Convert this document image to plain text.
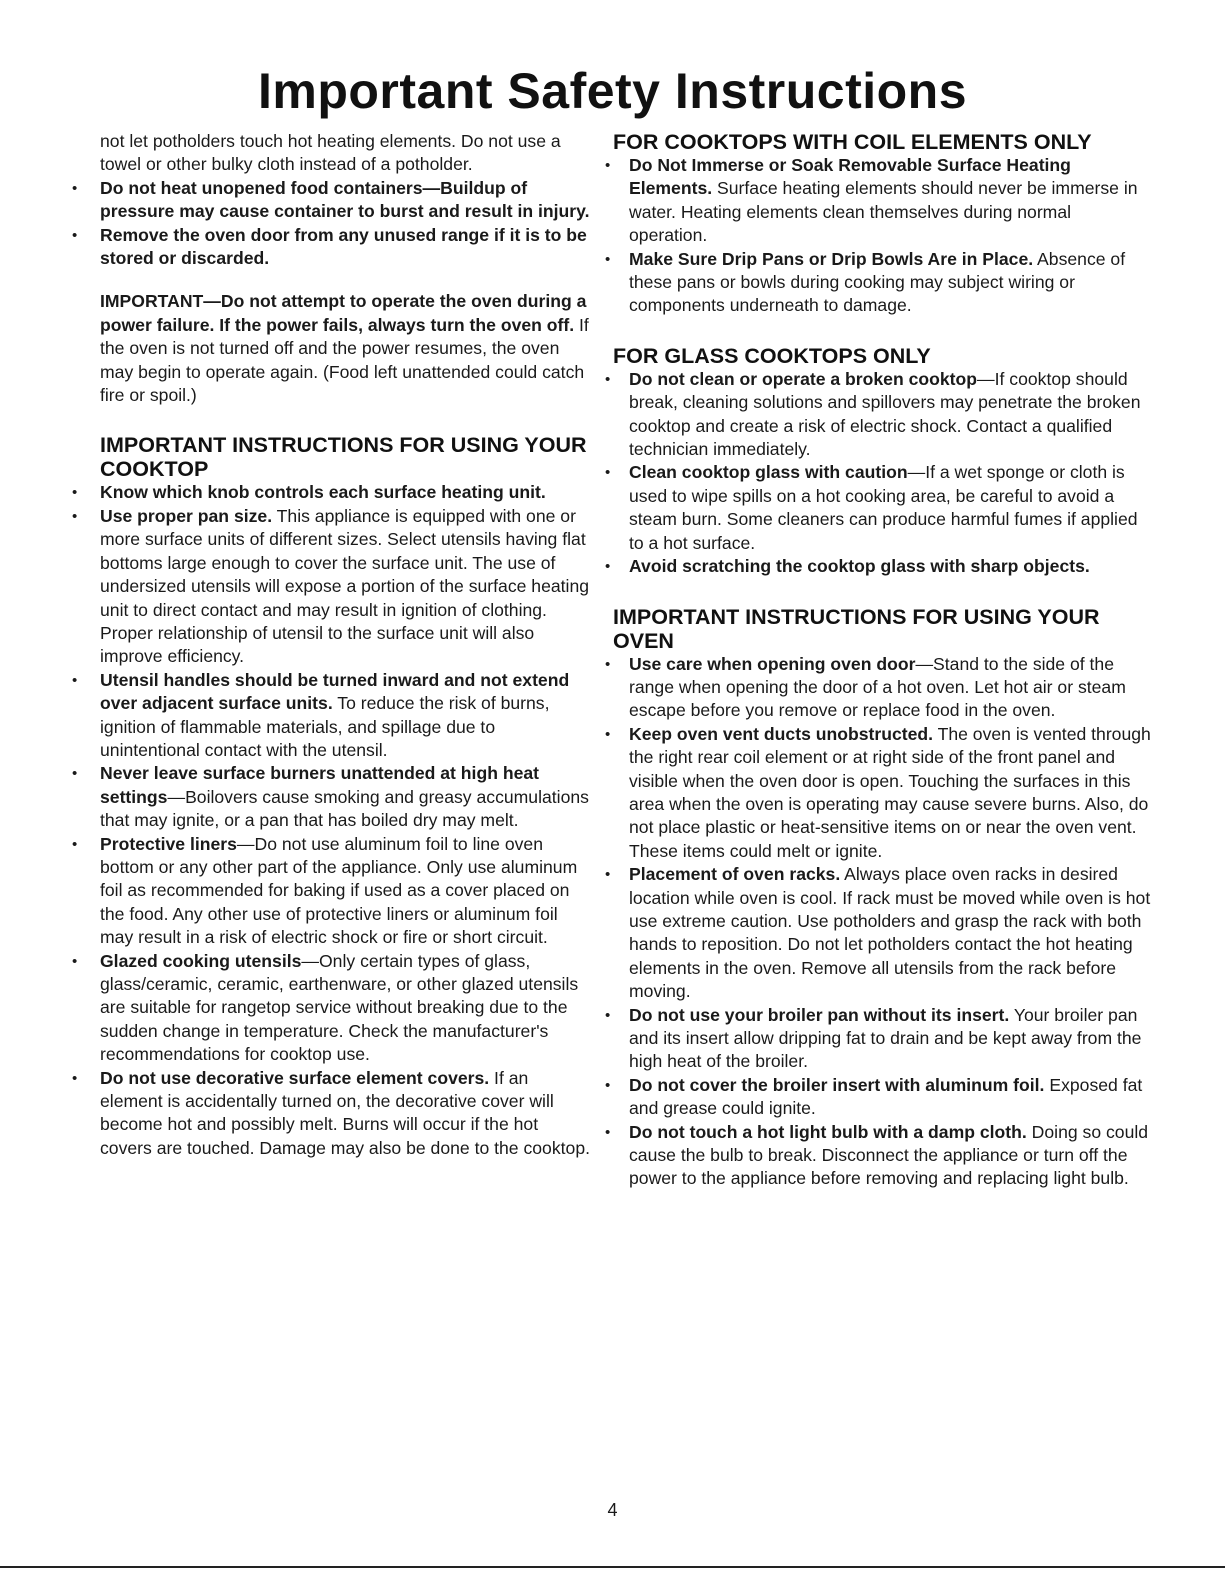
Important Safety Instructions

not let potholders touch hot heating elements. Do not use a towel or other bulky cloth instead of a potholder.

• Do not heat unopened food containers—Buildup of pressure may cause container to burst and result in injury.
• Remove the oven door from any unused range if it is to be stored or discarded.

IMPORTANT—Do not attempt to operate the oven during a power failure. If the power fails, always turn the oven off. If the oven is not turned off and the power resumes, the oven may begin to operate again. (Food left unattended could catch fire or spoil.)

IMPORTANT INSTRUCTIONS FOR USING YOUR COOKTOP
• Know which knob controls each surface heating unit.
• Use proper pan size. This appliance is equipped with one or more surface units of different sizes. Select utensils having flat bottoms large enough to cover the surface unit. The use of undersized utensils will expose a portion of the surface heating unit to direct contact and may result in ignition of clothing. Proper relationship of utensil to the surface unit will also improve efficiency.
• Utensil handles should be turned inward and not extend over adjacent surface units. To reduce the risk of burns, ignition of flammable materials, and spillage due to unintentional contact with the utensil.
• Never leave surface burners unattended at high heat settings—Boilovers cause smoking and greasy accumulations that may ignite, or a pan that has boiled dry may melt.
• Protective liners—Do not use aluminum foil to line oven bottom or any other part of the appliance. Only use aluminum foil as recommended for baking if used as a cover placed on the food. Any other use of protective liners or aluminum foil may result in a risk of electric shock or fire or short circuit.
• Glazed cooking utensils—Only certain types of glass, glass/ceramic, ceramic, earthenware, or other glazed utensils are suitable for rangetop service without breaking due to the sudden change in temperature. Check the manufacturer's recommendations for cooktop use.
• Do not use decorative surface element covers. If an element is accidentally turned on, the decorative cover will become hot and possibly melt. Burns will occur if the hot covers are touched. Damage may also be done to the cooktop.
FOR COOKTOPS WITH COIL ELEMENTS ONLY
• Do Not Immerse or Soak Removable Surface Heating Elements. Surface heating elements should never be immerse in water. Heating elements clean themselves during normal operation.
• Make Sure Drip Pans or Drip Bowls Are in Place. Absence of these pans or bowls during cooking may subject wiring or components underneath to damage.
FOR GLASS COOKTOPS ONLY
• Do not clean or operate a broken cooktop—If cooktop should break, cleaning solutions and spillovers may penetrate the broken cooktop and create a risk of electric shock. Contact a qualified technician immediately.
• Clean cooktop glass with caution—If a wet sponge or cloth is used to wipe spills on a hot cooking area, be careful to avoid a steam burn. Some cleaners can produce harmful fumes if applied to a hot surface.
• Avoid scratching the cooktop glass with sharp objects.
IMPORTANT INSTRUCTIONS FOR USING YOUR OVEN
• Use care when opening oven door—Stand to the side of the range when opening the door of a hot oven. Let hot air or steam escape before you remove or replace food in the oven.
• Keep oven vent ducts unobstructed. The oven is vented through the right rear coil element or at right side of the front panel and visible when the oven door is open. Touching the surfaces in this area when the oven is operating may cause severe burns. Also, do not place plastic or heat-sensitive items on or near the oven vent. These items could melt or ignite.
• Placement of oven racks. Always place oven racks in desired location while oven is cool. If rack must be moved while oven is hot use extreme caution. Use potholders and grasp the rack with both hands to reposition. Do not let potholders contact the hot heating elements in the oven. Remove all utensils from the rack before moving.
• Do not use your broiler pan without its insert. Your broiler pan and its insert allow dripping fat to drain and be kept away from the high heat of the broiler.
• Do not cover the broiler insert with aluminum foil. Exposed fat and grease could ignite.
• Do not touch a hot light bulb with a damp cloth. Doing so could cause the bulb to break. Disconnect the appliance or turn off the power to the appliance before removing and replacing light bulb.
4
